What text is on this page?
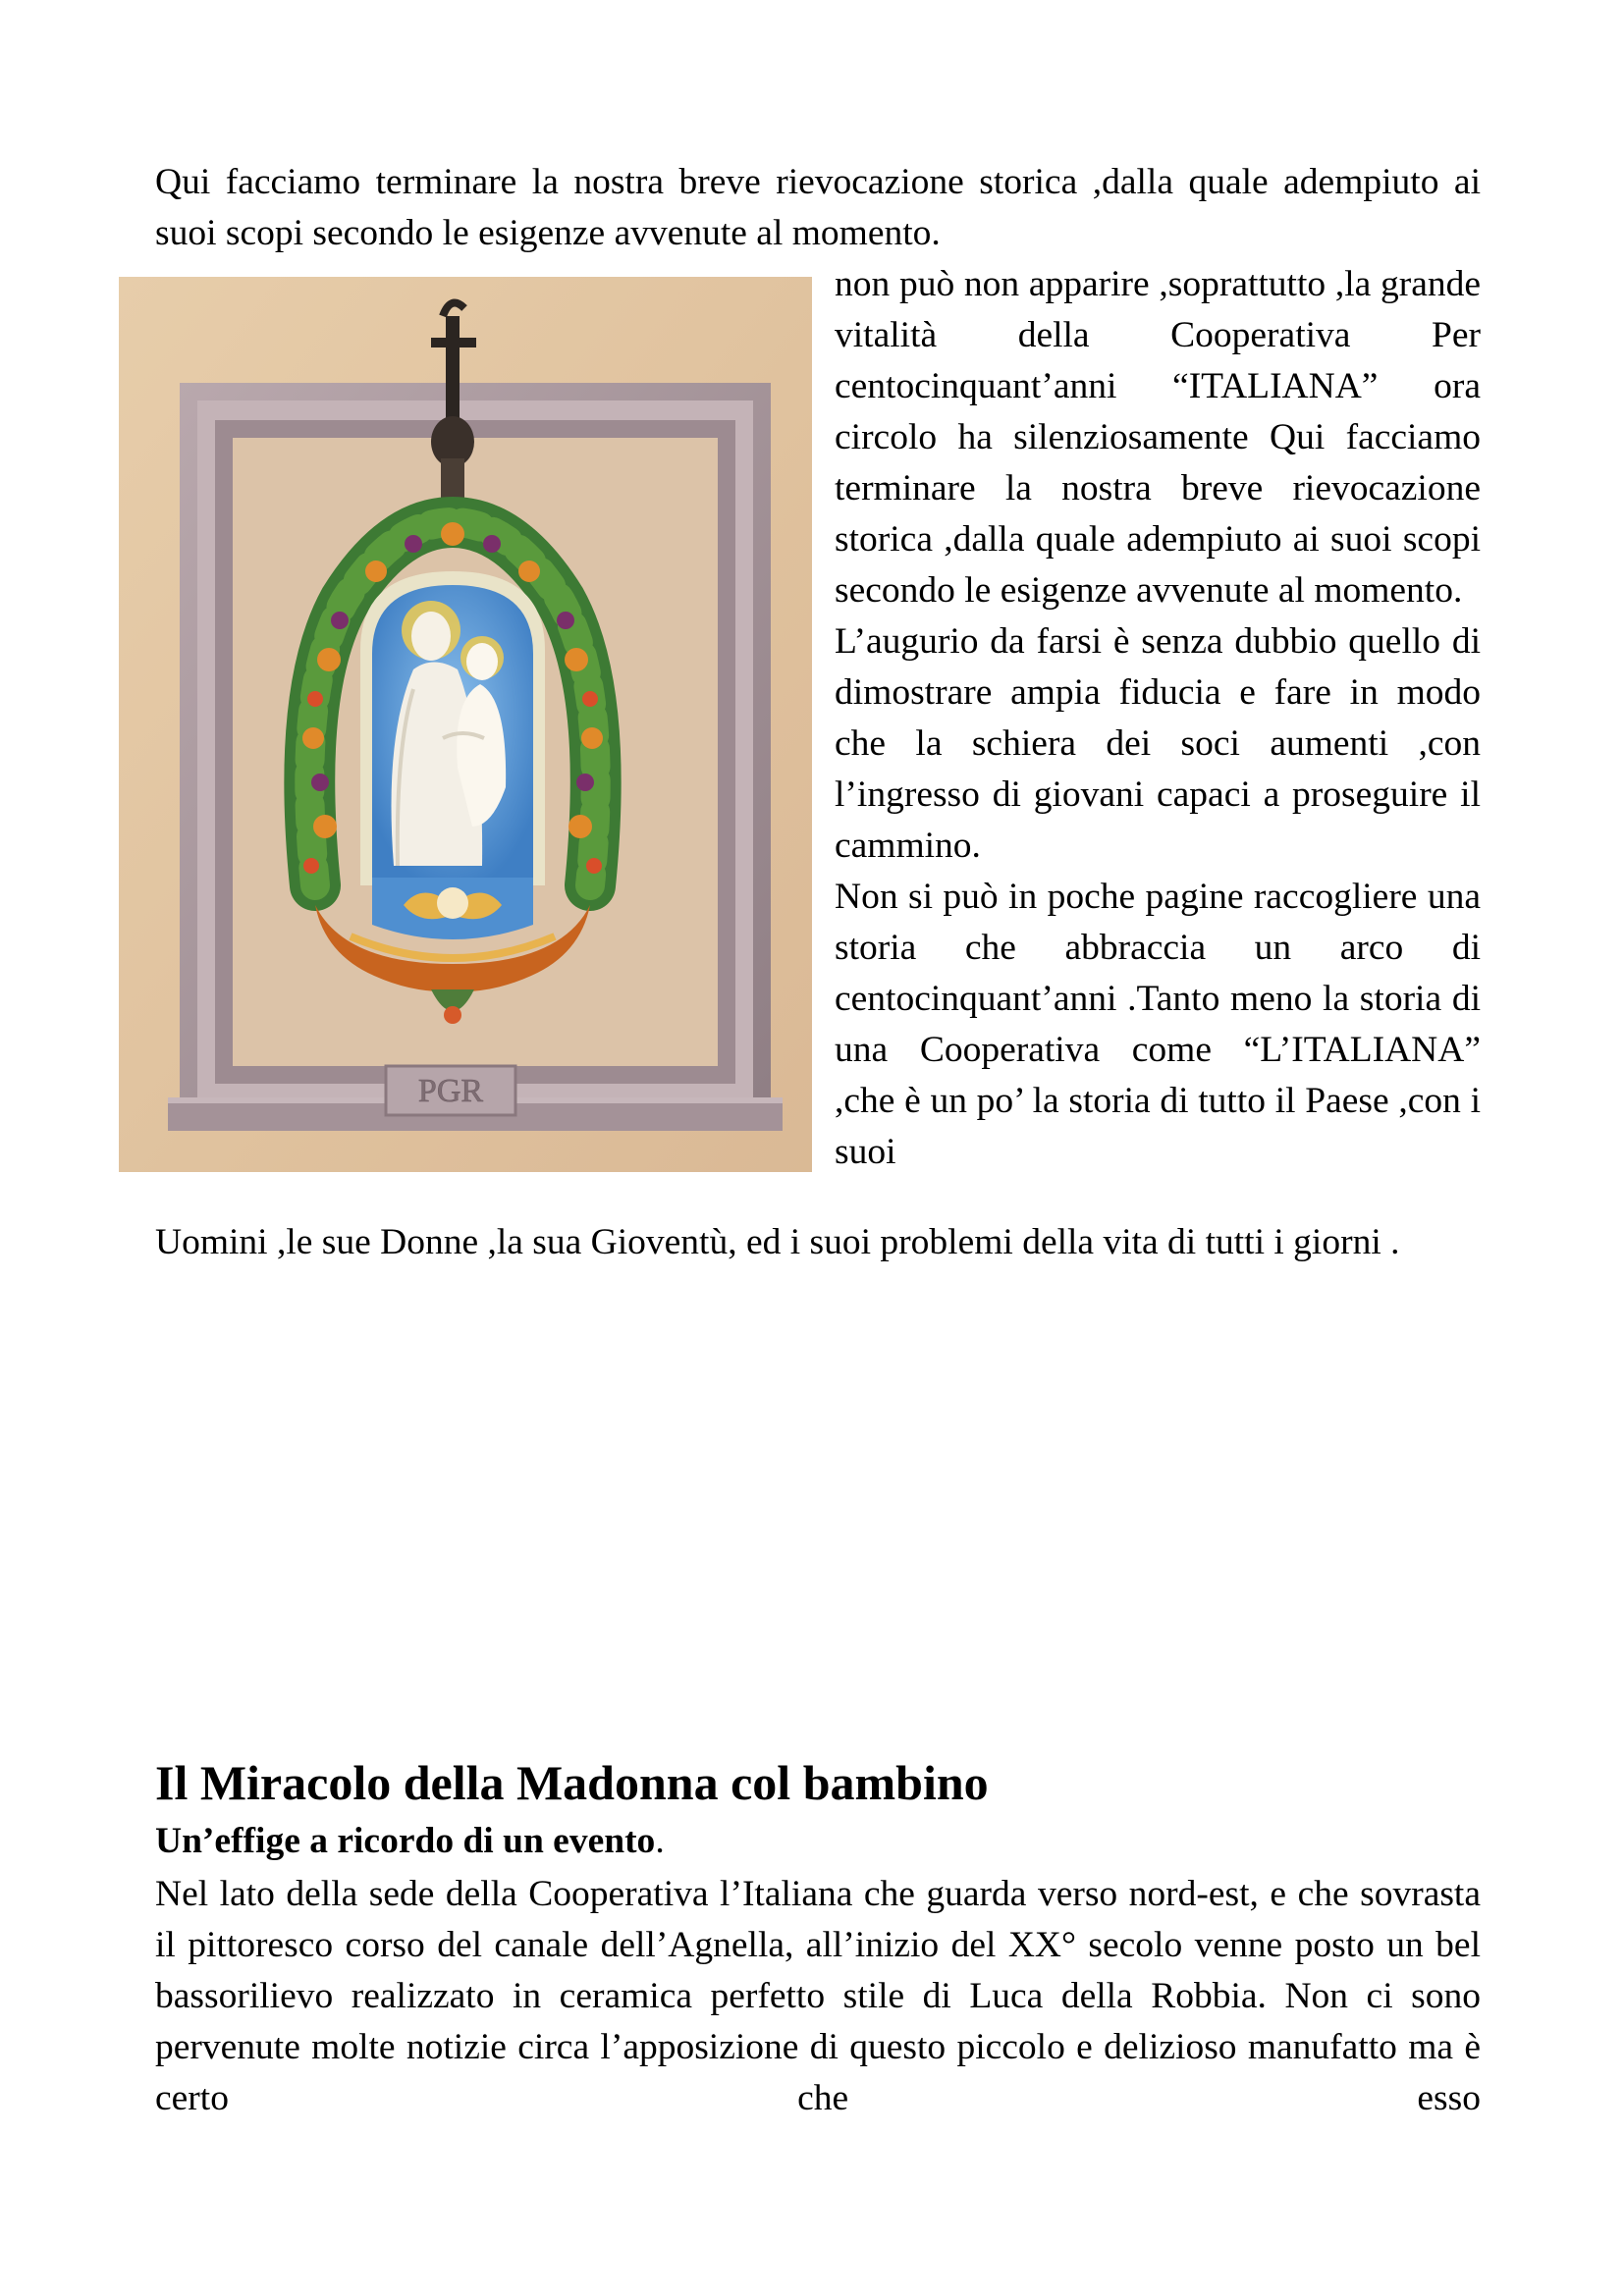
Qui facciamo terminare la nostra breve rievocazione storica ,dalla quale adempiuto ai suoi scopi secondo le esigenze avvenute al momento.

PGR

non può non apparire ,soprattutto ,la grande vitalità della Cooperativa Per centocinquant’anni “ITALIANA” ora circolo ha silenziosamente Qui facciamo terminare la nostra breve rievocazione storica ,dalla quale adempiuto ai suoi scopi secondo le esigenze avvenute al momento.

L’augurio da farsi è senza dubbio quello di dimostrare ampia fiducia e fare in modo che la schiera dei soci aumenti ,con l’ingresso di giovani capaci a proseguire il cammino.

Non si può in poche pagine raccogliere una storia che abbraccia un arco di centocinquant’anni .Tanto meno la storia di una Cooperativa come “L’ITALIANA” ,che è un po’ la storia di tutto il Paese ,con i suoi

Uomini ,le sue Donne ,la sua Gioventù, ed i suoi problemi della vita di tutti i giorni .

Il Miracolo della Madonna col bambino

Un’effige a ricordo di un evento.

Nel lato della sede della Cooperativa l’Italiana che guarda verso nord-est, e che sovrasta il pittoresco corso del canale dell’Agnella, all’inizio del XX° secolo venne posto un bel bassorilievo realizzato in ceramica perfetto stile di Luca della Robbia. Non ci sono pervenute molte notizie circa l’apposizione di questo piccolo e delizioso manufatto ma è certo che esso
